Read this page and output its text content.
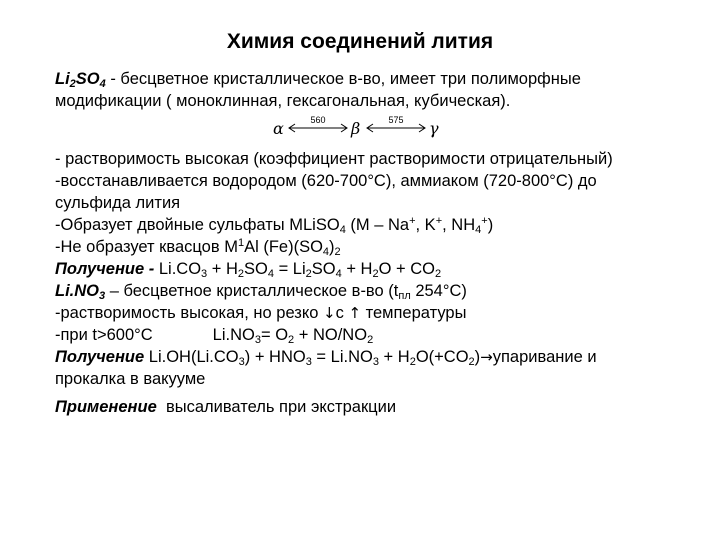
Химия соединений лития
$Li_2SO_4$ - бесцветное кристаллическое в-во, имеет три полиморфные
модификации ( моноклинная, гексагональная, кубическая).
α	560 β	575 γ
- растворимость высокая (коэффициент растворимости отрицательный)
-восстанавливается водородом (620-700°C), аммиаком (720-800°C) до
сульфида лития
-Образует двойные сульфаты MLiSO$_4$ (M – Na+, K+, $NH_4^+$)
-Не образует квасцов $M^1Al$ $(Fe)(SO_4)_2$
Получение - $Li.CO_3 + H_2SO_4 = Li_2SO_4 + H_2O + CO_2$
$Li.NO_3$ – бесцветное кристаллическое в-во ($t_{пл}$ 254°C)
-растворимость высокая, но резко ↓с ↑ температуры
-при t>600°C	$Li.NO_3= O_2 + NO/NO_2$
Получение $Li.OH(Li.CO_3) + HNO_3 = Li.NO_3$ + $H_2O(+CO_2)\to упаривание$ и
прокалка в вакууме
Применение  высаливатель при экстракции
